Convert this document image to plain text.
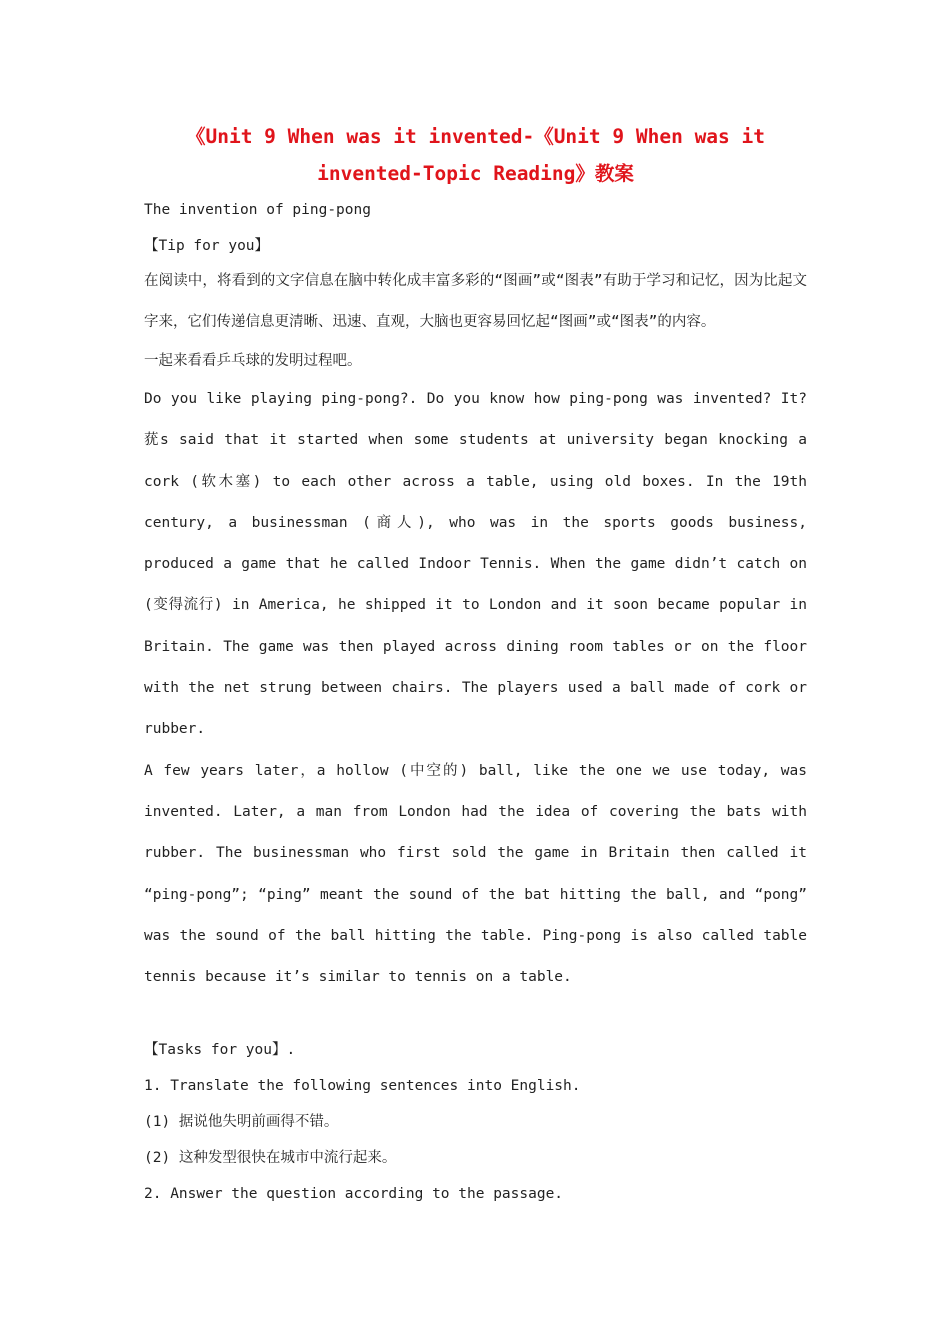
《Unit 9 When was it invented-《Unit 9 When was it
invented-Topic Reading》教案

The invention of ping-pong

【Tip for you】

在阅读中，将看到的文字信息在脑中转化成丰富多彩的“图画”或“图表”有助于学习和记忆，因为比起文字来，它们传递信息更清晰、迅速、直观，大脑也更容易回忆起“图画”或“图表”的内容。

一起来看看乒乓球的发明过程吧。

Do you like playing ping-pong?. Do you know how ping-pong was invented? It?莸s said that it started when some students at university began knocking a cork (软木塞) to each other across a table, using old boxes. In the 19th century, a businessman (商人), who was in the sports goods business, produced a game that he called Indoor Tennis. When the game didn’t catch on (变得流行) in America, he shipped it to London and it soon became popular in Britain. The game was then played across dining room tables or on the floor with the net strung between chairs. The players used a ball made of cork or rubber.

A few years later，a hollow (中空的) ball, like the one we use today, was invented. Later, a man from London had the idea of covering the bats with rubber. The businessman who first sold the game in Britain then called it “ping-pong”; “ping” meant the sound of the bat hitting the ball, and “pong” was the sound of the ball hitting the table. Ping-pong is also called table tennis because it’s similar to tennis on a table.

【Tasks for you】.

1. Translate the following sentences into English.

(1) 据说他失明前画得不错。

(2) 这种发型很快在城市中流行起来。

2. Answer the question according to the passage.
